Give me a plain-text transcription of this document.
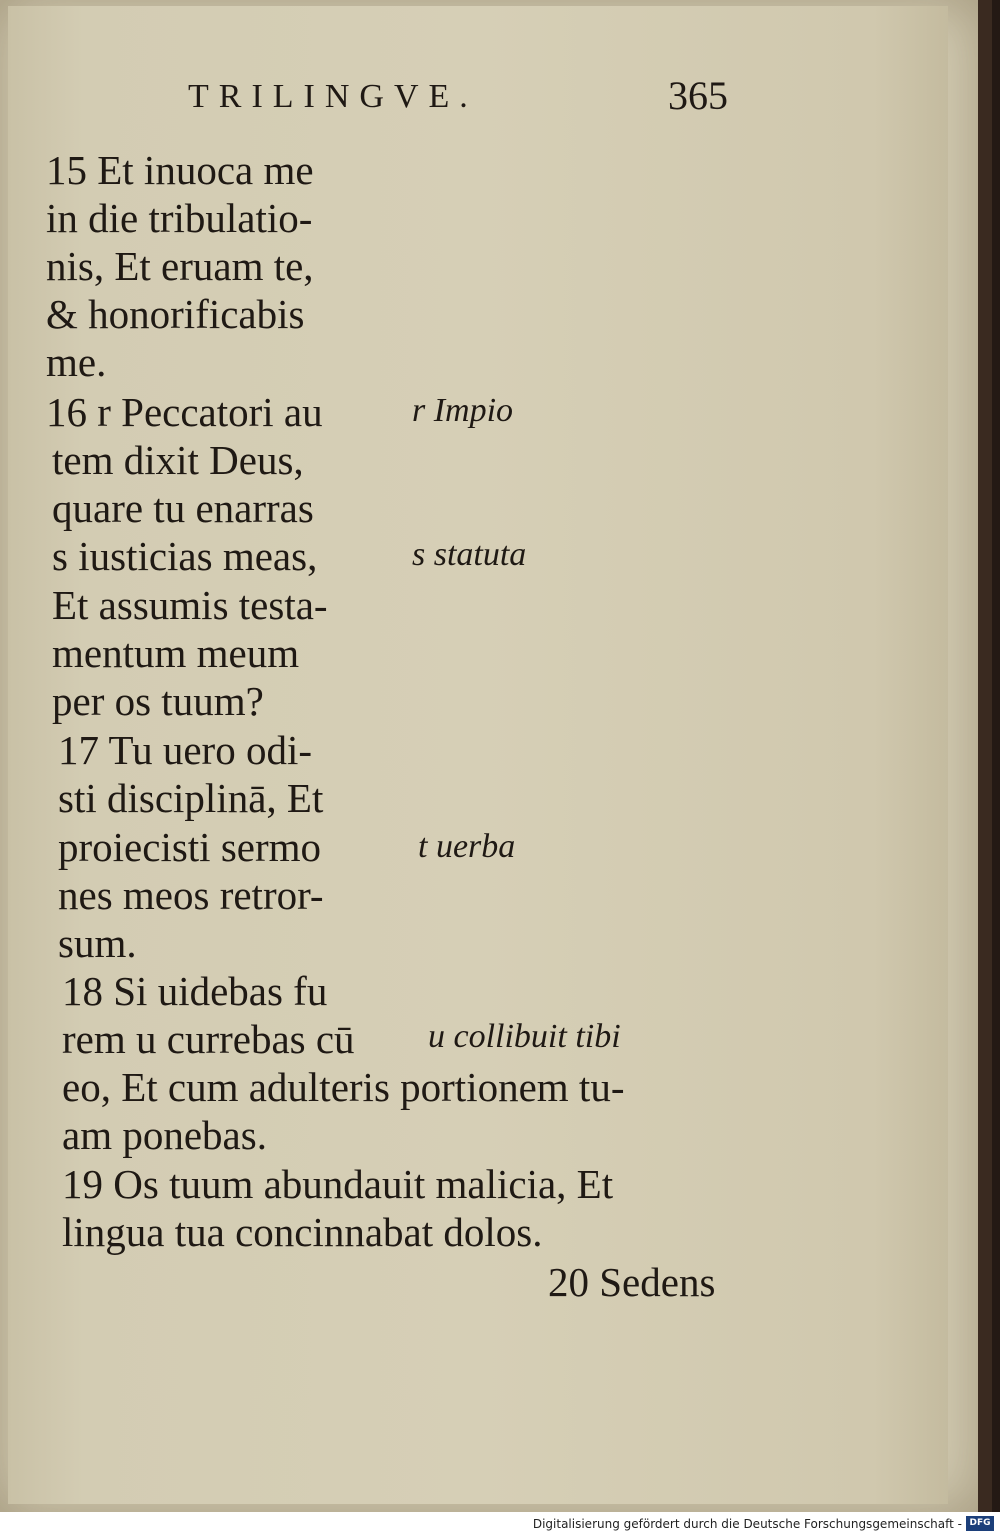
TRILINGVE.	365
15 Et inuoca me
in die tribulatio-
nis, Et eruam te,
& honorificabis
me.
16 r Peccatori au
tem dixit Deus,
quare tu enarras
s iusticias meas,
Et assumis testa-
mentum meum
per os tuum?
17 Tu uero odi-
sti disciplinā, Et
proiecisti sermo
nes meos retror-
sum.
18 Si uidebas fu
rem u currebas cū
eo, Et cum adulteris portionem tu-
am ponebas.
19 Os tuum abundauit malicia, Et
lingua tua concinnabat dolos.
20 Sedens
r Impio
s statuta
t uerba
u collibuit tibi
Digitalisierung gefördert durch die Deutsche Forschungsgemeinschaft - DFG
